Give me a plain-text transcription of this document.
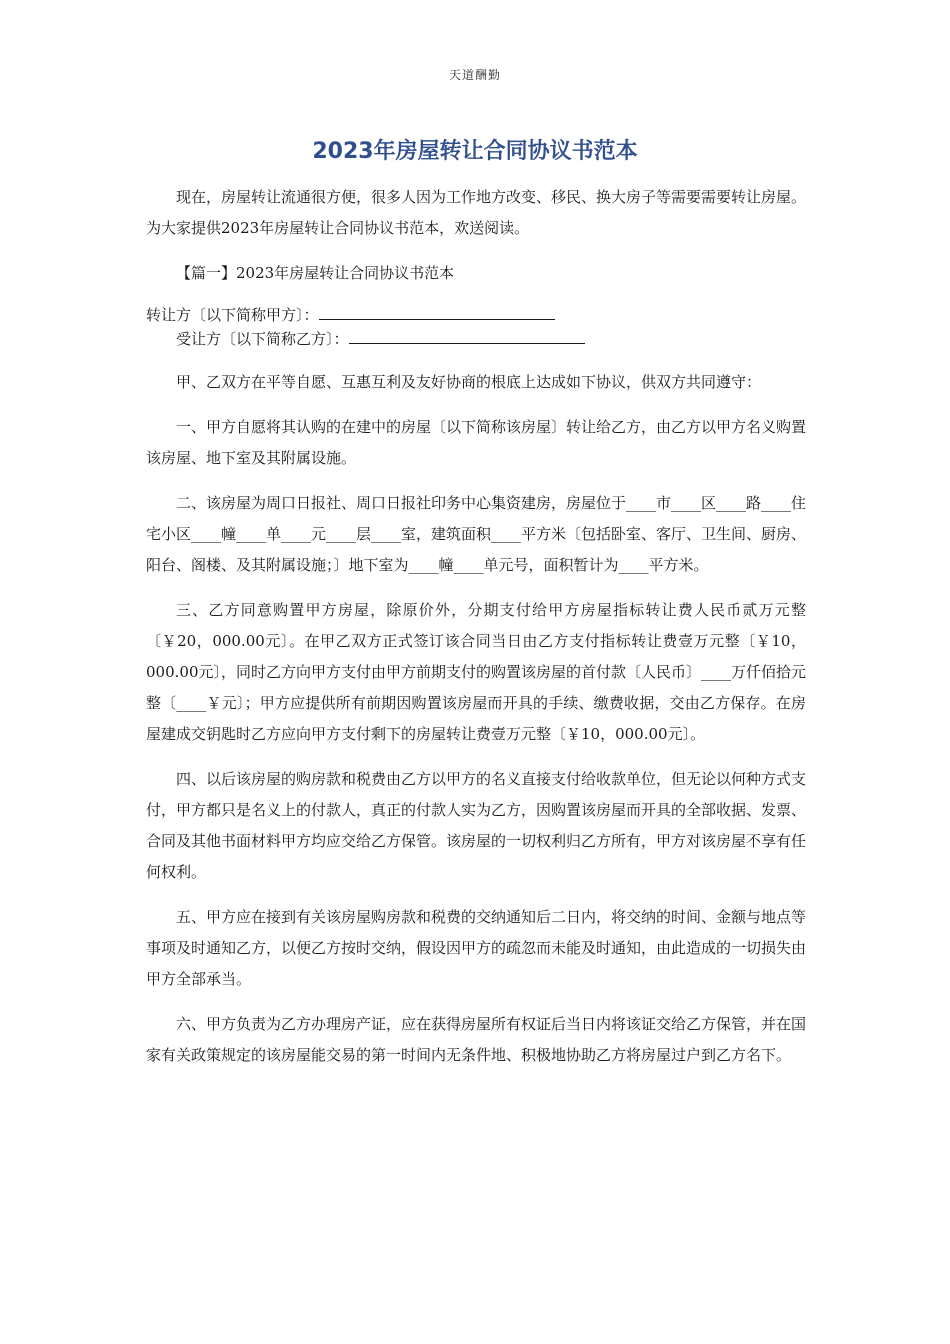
天道酬勤
2023年房屋转让合同协议书范本

现在，房屋转让流通很方便，很多人因为工作地方改变、移民、换大房子等需要需要转让房屋。为大家提供2023年房屋转让合同协议书范本，欢送阅读。

【篇一】2023年房屋转让合同协议书范本

转让方〔以下简称甲方〕：

受让方〔以下简称乙方〕：

甲、乙双方在平等自愿、互惠互利及友好协商的根底上达成如下协议，供双方共同遵守：

一、甲方自愿将其认购的在建中的房屋〔以下简称该房屋〕转让给乙方，由乙方以甲方名义购置该房屋、地下室及其附属设施。

二、该房屋为周口日报社、周口日报社印务中心集资建房，房屋位于____市____区____路____住宅小区____幢____单____元____层____室，建筑面积____平方米〔包括卧室、客厅、卫生间、厨房、阳台、阁楼、及其附属设施；〕地下室为____幢____单元号，面积暂计为____平方米。

三、乙方同意购置甲方房屋，除原价外，分期支付给甲方房屋指标转让费人民币贰万元整〔￥20，000.00元〕。在甲乙双方正式签订该合同当日由乙方支付指标转让费壹万元整〔￥10，000.00元〕，同时乙方向甲方支付由甲方前期支付的购置该房屋的首付款〔人民币〕____万仟佰拾元整〔____￥元〕；甲方应提供所有前期因购置该房屋而开具的手续、缴费收据，交由乙方保存。在房屋建成交钥匙时乙方应向甲方支付剩下的房屋转让费壹万元整〔￥10，000.00元〕。

四、以后该房屋的购房款和税费由乙方以甲方的名义直接支付给收款单位，但无论以何种方式支付，甲方都只是名义上的付款人，真正的付款人实为乙方，因购置该房屋而开具的全部收据、发票、合同及其他书面材料甲方均应交给乙方保管。该房屋的一切权利归乙方所有，甲方对该房屋不享有任何权利。

五、甲方应在接到有关该房屋购房款和税费的交纳通知后二日内，将交纳的时间、金额与地点等事项及时通知乙方，以便乙方按时交纳，假设因甲方的疏忽而未能及时通知，由此造成的一切损失由甲方全部承当。

六、甲方负责为乙方办理房产证，应在获得房屋所有权证后当日内将该证交给乙方保管，并在国家有关政策规定的该房屋能交易的第一时间内无条件地、积极地协助乙方将房屋过户到乙方名下。
